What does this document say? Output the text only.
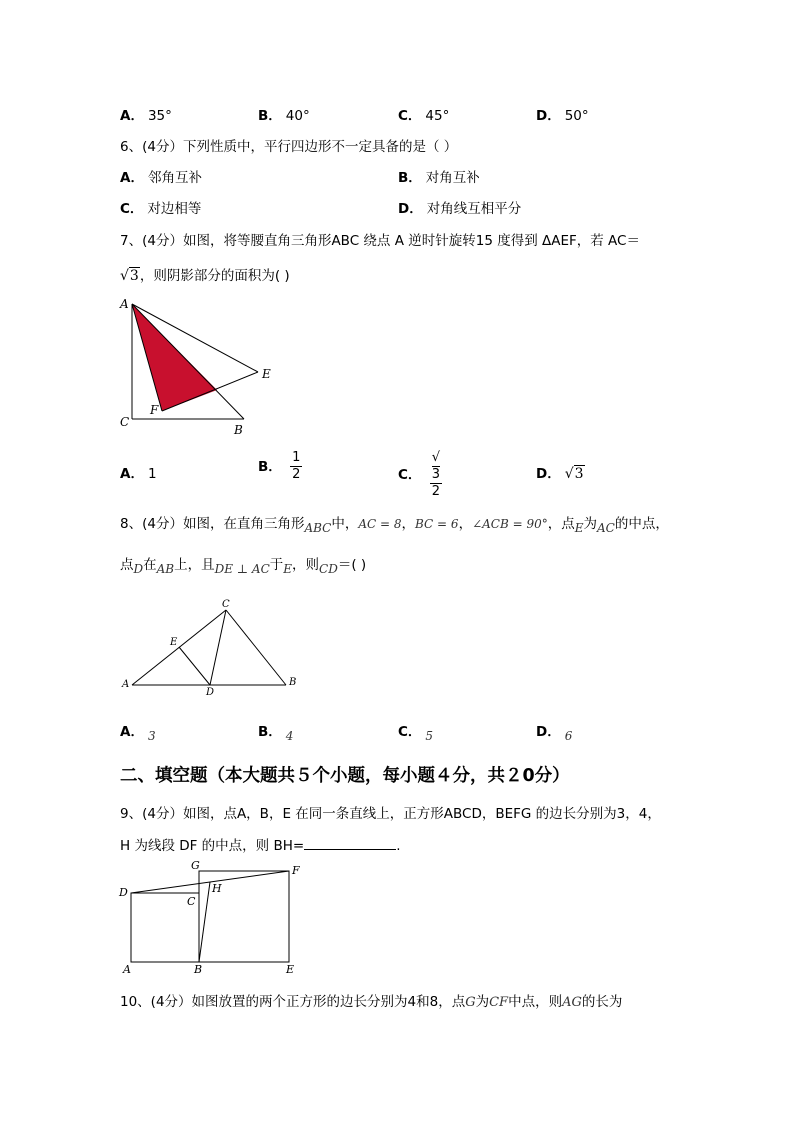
A． 35°	B． 40°	C． 45°	D． 50°
6、(4分）下列性质中，平行四边形不一定具备的是（ ）
A． 邻角互补	B． 对角互补
C． 对边相等	D． 对角线互相平分
7、(4分）如图，将等腰直角三角形ABC 绕点 A 逆时针旋转15 度得到 ΔAEF，若 AC＝
√3，则阴影部分的面积为( )
A
E
F
C
B
A． 1	B． $\frac{1}{2}$	C． √
3
2	D． √3
8、(4分）如图，在直角三角形ABC中，AC = 8，BC = 6，∠ACB = 90°，点E为AC的中点，
点D在AB上，且DE ⊥ AC于E，则CD＝( )
A	B
C
D
E
A． 3	B． 4	C． 5	D． 6
二、填空题（本大题共５个小题，每小题４分，共２0分）
9、(4分）如图，点A，B，E 在同一条直线上，正方形ABCD，BEFG 的边长分别为3，4，
H 为线段 DF 的中点，则 BH=	.
G	F
D	H
C
A	B	E
10、(4分）如图放置的两个正方形的边长分别为4和8，点G为CF中点，则AG的长为
